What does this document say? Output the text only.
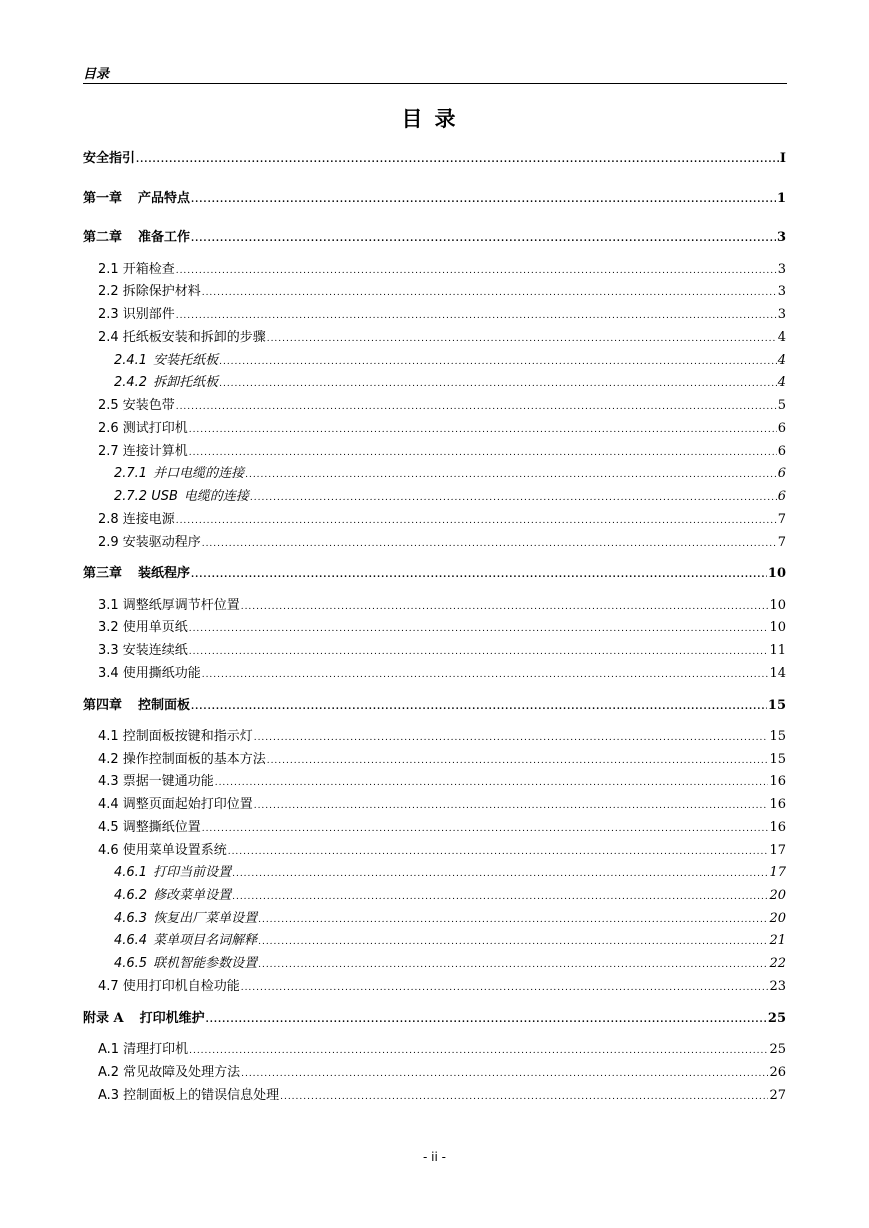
目录
目录
安全指引 .....	I
第一章 产品特点 .....	1
第二章 准备工作 .....	3
2.1 开箱检查 .....	3
2.2 拆除保护材料 .....	3
2.3 识别部件 .....	3
2.4 托纸板安装和拆卸的步骤 .....	4
2.4.1 安装托纸板 .....	4
2.4.2 拆卸托纸板 .....	4
2.5 安装色带 .....	5
2.6 测试打印机 .....	6
2.7 连接计算机 .....	6
2.7.1 并口电缆的连接 .....	6
2.7.2 USB 电缆的连接 .....	6
2.8 连接电源 .....	7
2.9 安装驱动程序 .....	7
第三章 装纸程序 .....	10
3.1 调整纸厚调节杆位置 .....	10
3.2 使用单页纸 .....	10
3.3 安装连续纸 .....	11
3.4 使用撕纸功能 .....	14
第四章 控制面板 .....	15
4.1 控制面板按键和指示灯 .....	15
4.2 操作控制面板的基本方法 .....	15
4.3 票据一键通功能 .....	16
4.4 调整页面起始打印位置 .....	16
4.5 调整撕纸位置 .....	16
4.6 使用菜单设置系统 .....	17
4.6.1 打印当前设置 .....	17
4.6.2 修改菜单设置 .....	20
4.6.3 恢复出厂菜单设置 .....	20
4.6.4 菜单项目名词解释 .....	21
4.6.5 联机智能参数设置 .....	22
4.7 使用打印机自检功能 .....	23
附录 A 打印机维护 .....	25
A.1 清理打印机 .....	25
A.2 常见故障及处理方法 .....	26
A.3 控制面板上的错误信息处理 .....	27
- ii -
